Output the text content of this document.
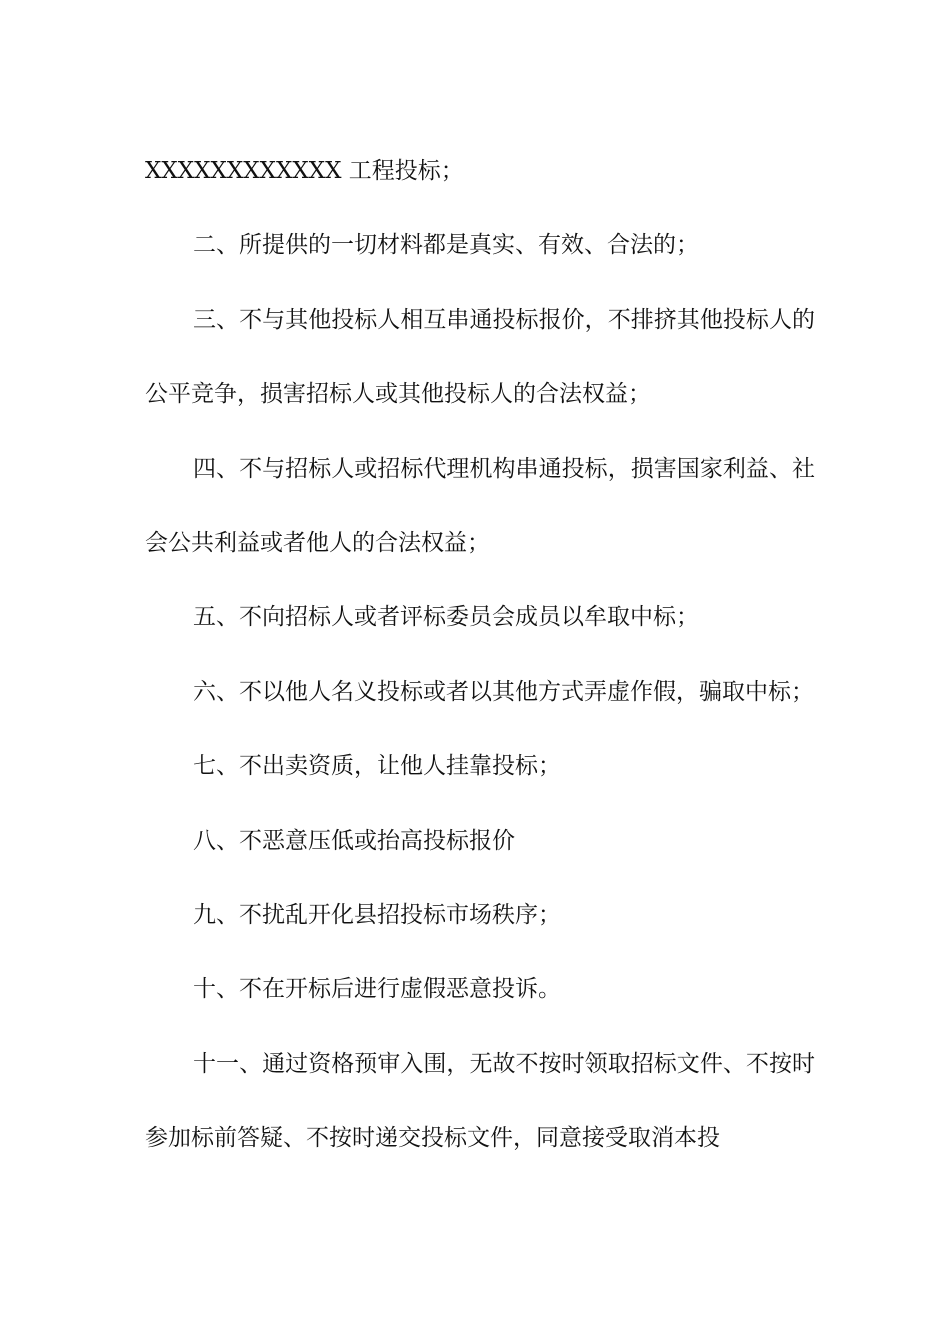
XXXXXXXXXXXX 工程投标；

二、所提供的一切材料都是真实、有效、合法的；

三、不与其他投标人相互串通投标报价，不排挤其他投标人的公平竞争，损害招标人或其他投标人的合法权益；

四、不与招标人或招标代理机构串通投标，损害国家利益、社会公共利益或者他人的合法权益；

五、不向招标人或者评标委员会成员以牟取中标；

六、不以他人名义投标或者以其他方式弄虚作假，骗取中标；

七、不出卖资质，让他人挂靠投标；

八、不恶意压低或抬高投标报价

九、不扰乱开化县招投标市场秩序；

十、不在开标后进行虚假恶意投诉。

十一、通过资格预审入围，无故不按时领取招标文件、不按时参加标前答疑、不按时递交投标文件，同意接受取消本投
